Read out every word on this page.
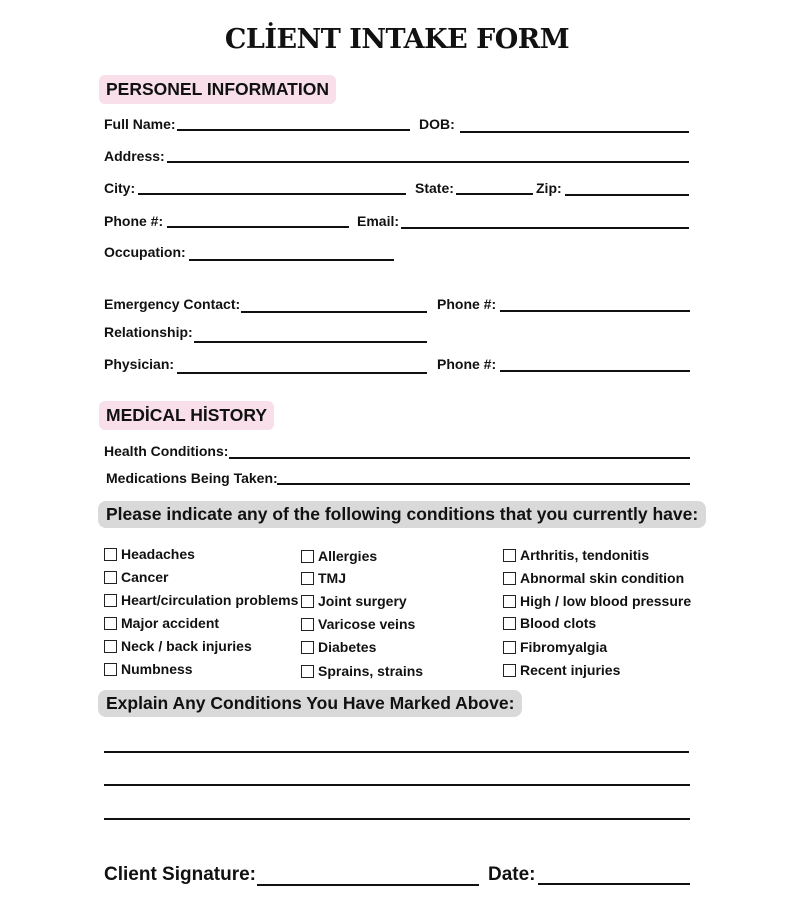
CLİENT INTAKE FORM
PERSONEL INFORMATION
Full Name:	DOB:
Address:
City:	State:	Zip:
Phone #:	Email:
Occupation:
Emergency Contact:	Phone #:
Relationship:
Physician:	Phone #:
MEDİCAL HİSTORY
Health Conditions:
Medications Being Taken:
Please indicate any of the following conditions that you currently have:
Headaches
Cancer
Heart/circulation problems
Major accident
Neck / back injuries
Numbness
Allergies
TMJ
Joint surgery
Varicose veins
Diabetes
Sprains, strains
Arthritis, tendonitis
Abnormal skin condition
High / low blood pressure
Blood clots
Fibromyalgia
Recent injuries
Explain Any Conditions You Have Marked Above:
Client Signature:	Date:
